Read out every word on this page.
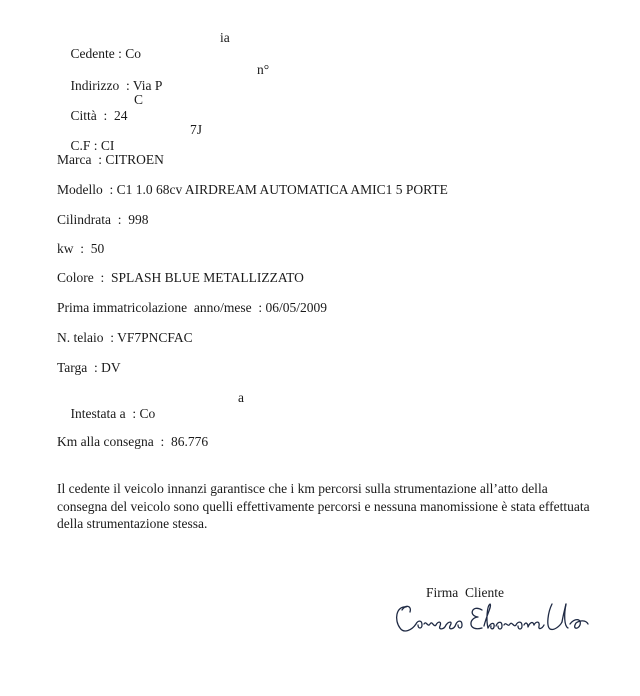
Cedente : Co

ia

Indirizzo  : Via P

n°

Città  :  24

C

C.F : CI

7J

Marca  : CITROEN
Modello  : C1 1.0 68cv AIRDREAM AUTOMATICA AMIC1 5 PORTE
Cilindrata  :  998
kw  :  50
Colore  :  SPLASH BLUE METALLIZZATO
Prima immatricolazione  anno/mese  : 06/05/2009
N. telaio  : VF7PNCFAC
Targa  : DV

Intestata a  : Co

a

Km alla consegna  :  86.776
Il cedente il veicolo innanzi garantisce che i km percorsi sulla strumentazione all’atto della
consegna del veicolo sono quelli effettivamente percorsi e nessuna manomissione è stata effettuata
della strumentazione stessa.
Firma  Cliente
